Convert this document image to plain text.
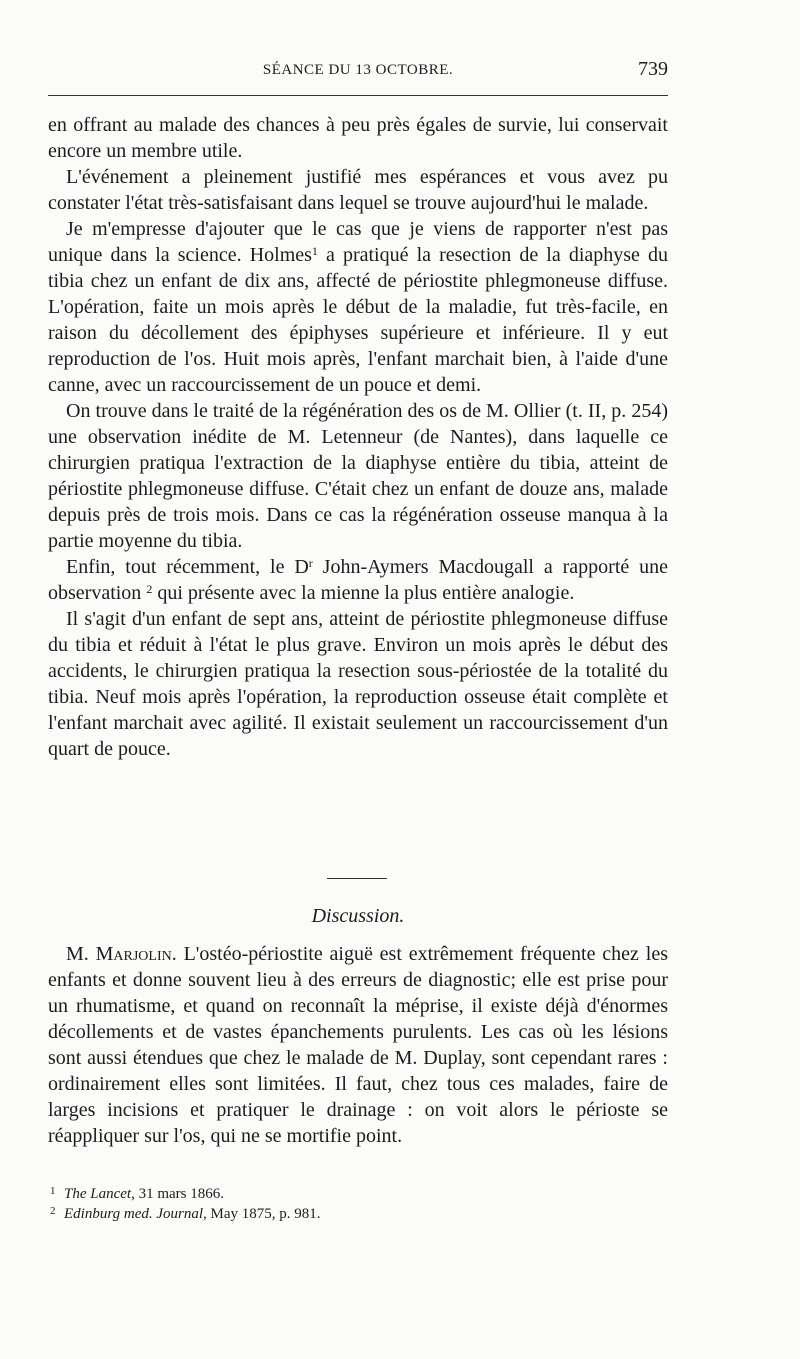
SÉANCE DU 13 OCTOBRE.	739

en offrant au malade des chances à peu près égales de survie, lui conservait encore un membre utile.

L'événement a pleinement justifié mes espérances et vous avez pu constater l'état très-satisfaisant dans lequel se trouve aujourd'hui le malade.

Je m'empresse d'ajouter que le cas que je viens de rapporter n'est pas unique dans la science. Holmes$^1$ a pratiqué la resection de la diaphyse du tibia chez un enfant de dix ans, affecté de périostite phlegmoneuse diffuse. L'opération, faite un mois après le début de la maladie, fut très-facile, en raison du décollement des épiphyses supérieure et inférieure. Il y eut reproduction de l'os. Huit mois après, l'enfant marchait bien, à l'aide d'une canne, avec un raccourcissement de un pouce et demi.

On trouve dans le traité de la régénération des os de M. Ollier (t. II, p. 254) une observation inédite de M. Letenneur (de Nantes), dans laquelle ce chirurgien pratiqua l'extraction de la diaphyse entière du tibia, atteint de périostite phlegmoneuse diffuse. C'était chez un enfant de douze ans, malade depuis près de trois mois. Dans ce cas la régénération osseuse manqua à la partie moyenne du tibia.

Enfin, tout récemment, le $D^r$ John-Aymers Macdougall a rapporté une observation $^2$ qui présente avec la mienne la plus entière analogie.

Il s'agit d'un enfant de sept ans, atteint de périostite phlegmoneuse diffuse du tibia et réduit à l'état le plus grave. Environ un mois après le début des accidents, le chirurgien pratiqua la resection sous-périostée de la totalité du tibia. Neuf mois après l'opération, la reproduction osseuse était complète et l'enfant marchait avec agilité. Il existait seulement un raccourcissement d'un quart de pouce.

Discussion.

M. Marjolin. L'ostéo-périostite aiguë est extrêmement fréquente chez les enfants et donne souvent lieu à des erreurs de diagnostic; elle est prise pour un rhumatisme, et quand on reconnaît la méprise, il existe déjà d'énormes décollements et de vastes épanchements purulents. Les cas où les lésions sont aussi étendues que chez le malade de M. Duplay, sont cependant rares : ordinairement elles sont limitées. Il faut, chez tous ces malades, faire de larges incisions et pratiquer le drainage : on voit alors le périoste se réappliquer sur l'os, qui ne se mortifie point.

1 The Lancet, 31 mars 1866.
2 Edinburg med. Journal, May 1875, p. 981.
